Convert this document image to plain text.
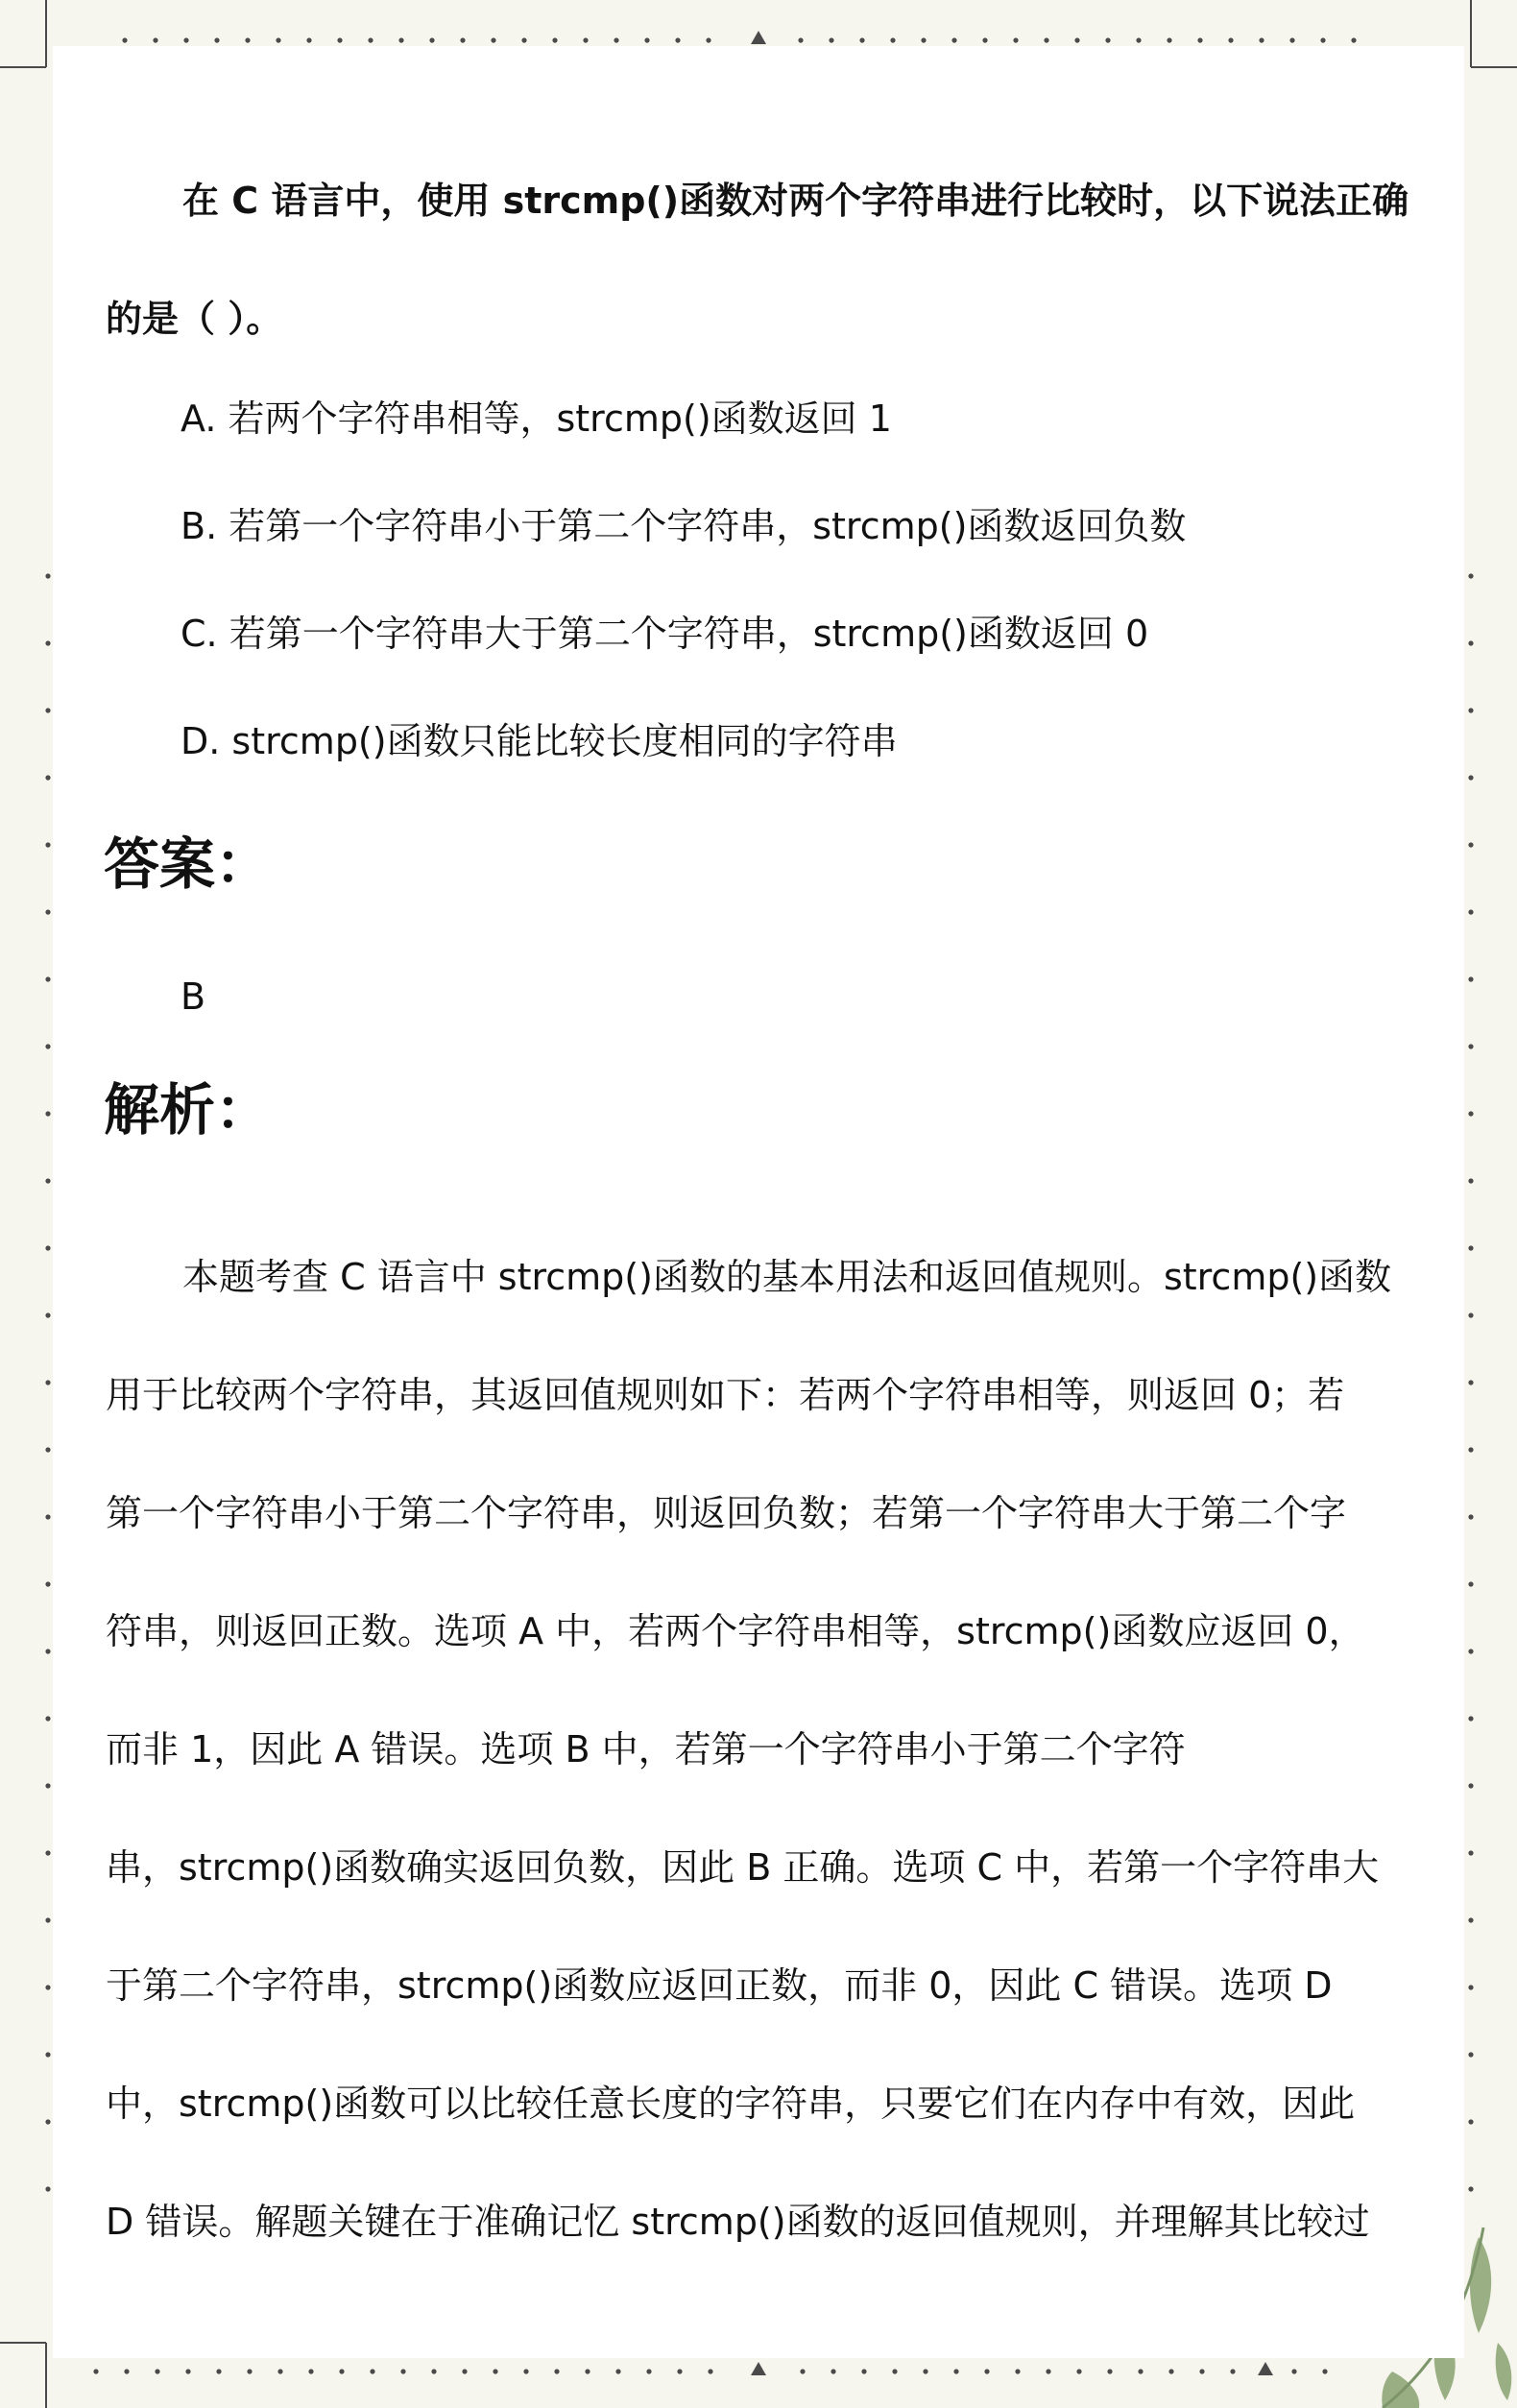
在 C 语言中，使用 strcmp()函数对两个字符串进行比较时，以下说法正确
的是（ ）。

A. 若两个字符串相等，strcmp()函数返回 1

B. 若第一个字符串小于第二个字符串，strcmp()函数返回负数

C. 若第一个字符串大于第二个字符串，strcmp()函数返回 0

D. strcmp()函数只能比较长度相同的字符串

答案：

B

解析：
本题考查 C 语言中 strcmp()函数的基本用法和返回值规则。strcmp()函数
用于比较两个字符串，其返回值规则如下：若两个字符串相等，则返回 0；若
第一个字符串小于第二个字符串，则返回负数；若第一个字符串大于第二个字
符串，则返回正数。选项 A 中，若两个字符串相等，strcmp()函数应返回 0，
而非 1，因此 A 错误。选项 B 中，若第一个字符串小于第二个字符
串，strcmp()函数确实返回负数，因此 B 正确。选项 C 中，若第一个字符串大
于第二个字符串，strcmp()函数应返回正数，而非 0，因此 C 错误。选项 D
中，strcmp()函数可以比较任意长度的字符串，只要它们在内存中有效，因此
D 错误。解题关键在于准确记忆 strcmp()函数的返回值规则，并理解其比较过
